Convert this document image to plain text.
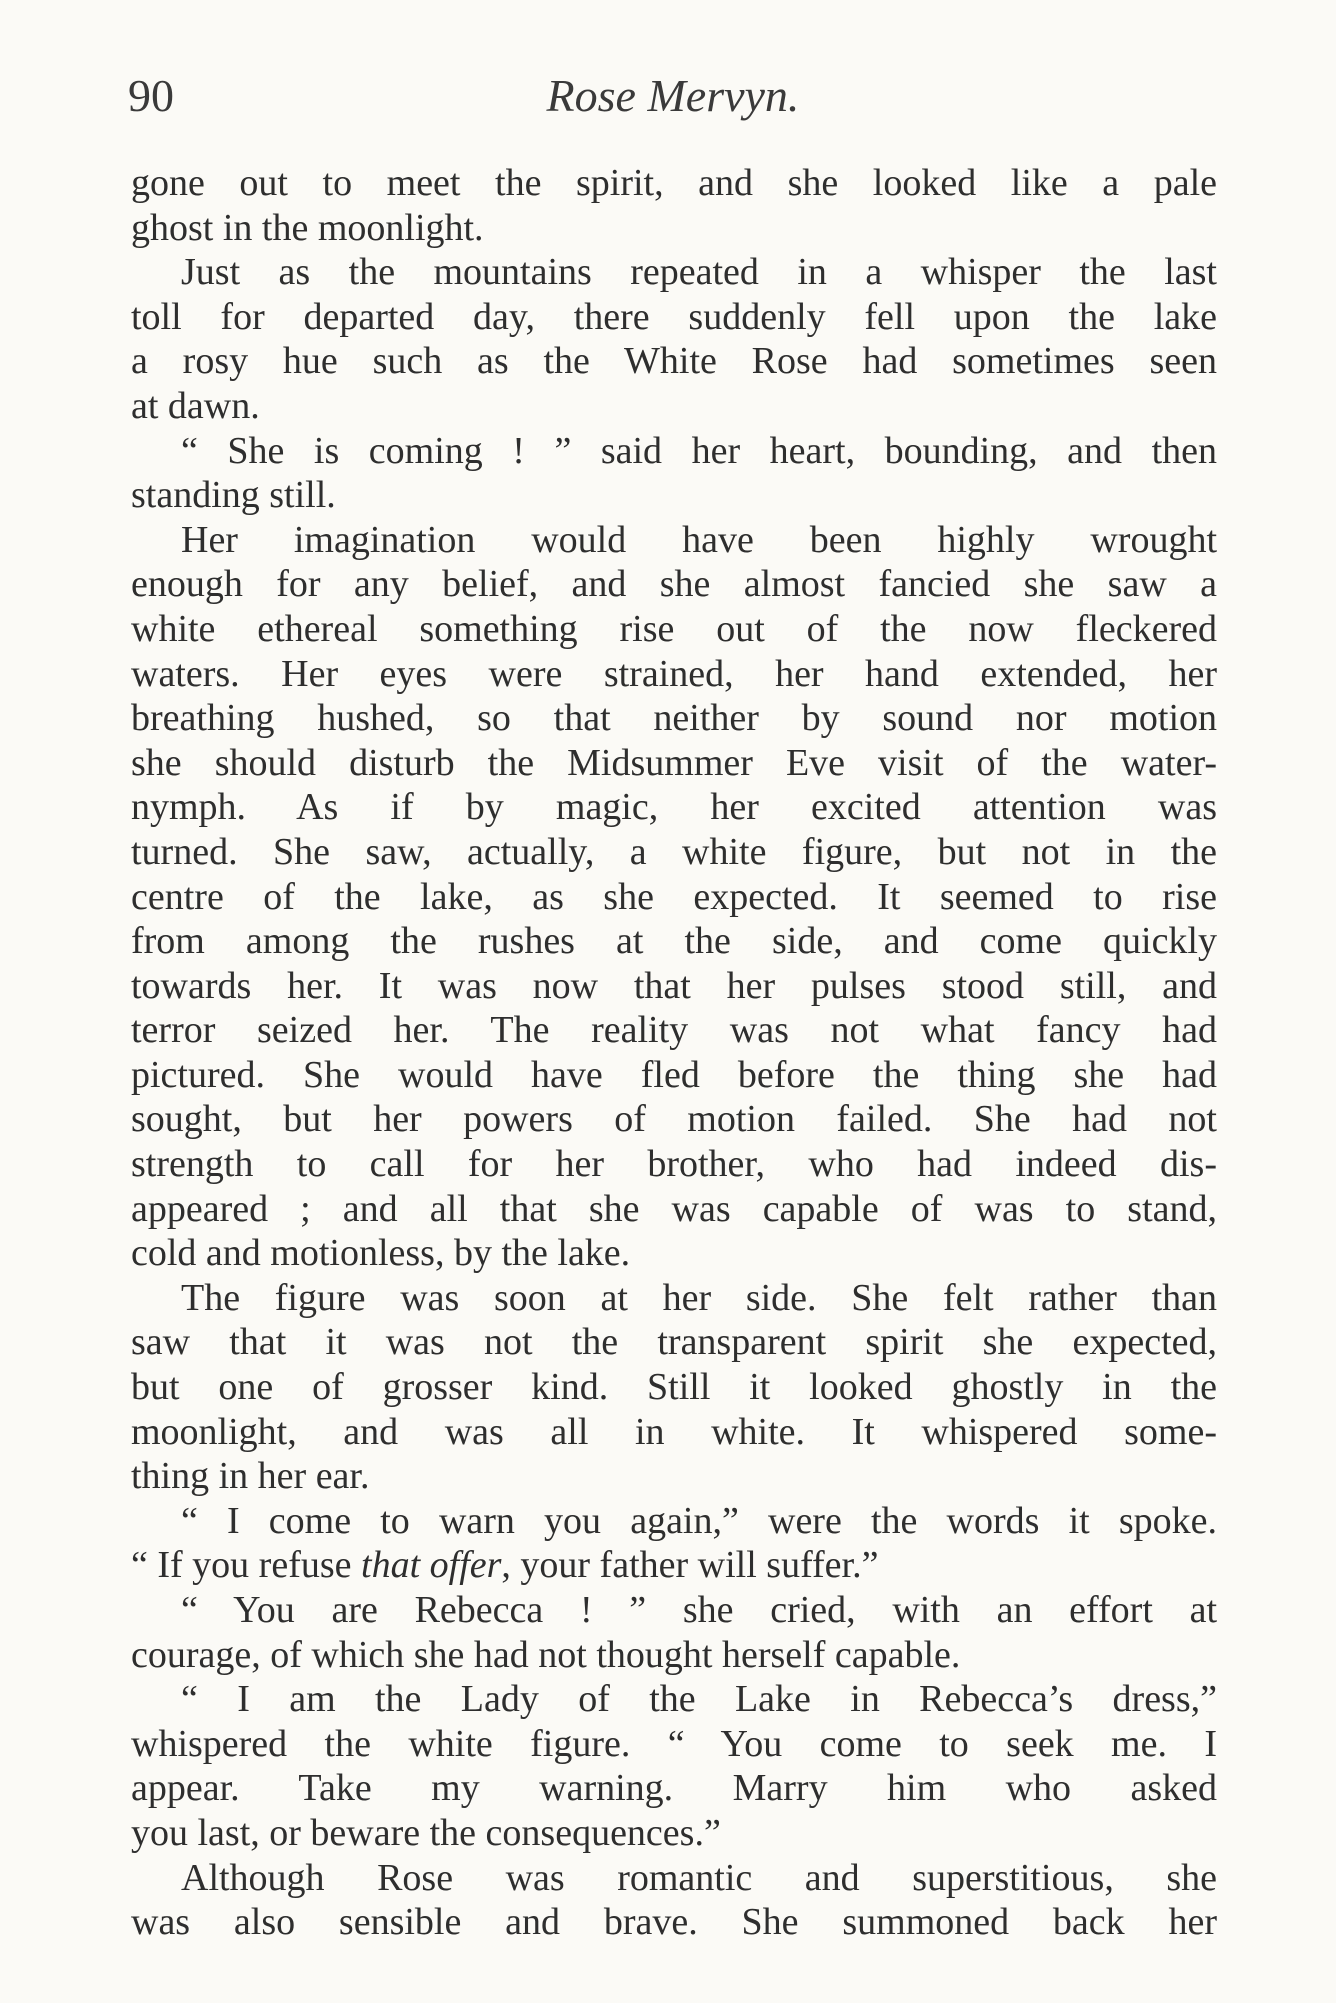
90	Rose Mervyn.
gone out to meet the spirit, and she looked like a pale
ghost in the moonlight.
Just as the mountains repeated in a whisper the last
toll for departed day, there suddenly fell upon the lake
a rosy hue such as the White Rose had sometimes seen
at dawn.
“ She is coming ! ” said her heart, bounding, and then
standing still.
Her imagination would have been highly wrought
enough for any belief, and she almost fancied she saw a
white ethereal something rise out of the now fleckered
waters. Her eyes were strained, her hand extended, her
breathing hushed, so that neither by sound nor motion
she should disturb the Midsummer Eve visit of the water-
nymph. As if by magic, her excited attention was
turned. She saw, actually, a white figure, but not in the
centre of the lake, as she expected. It seemed to rise
from among the rushes at the side, and come quickly
towards her. It was now that her pulses stood still, and
terror seized her. The reality was not what fancy had
pictured. She would have fled before the thing she had
sought, but her powers of motion failed. She had not
strength to call for her brother, who had indeed dis-
appeared ; and all that she was capable of was to stand,
cold and motionless, by the lake.
The figure was soon at her side. She felt rather than
saw that it was not the transparent spirit she expected,
but one of grosser kind. Still it looked ghostly in the
moonlight, and was all in white. It whispered some-
thing in her ear.
“ I come to warn you again,” were the words it spoke.
“ If you refuse that offer, your father will suffer.”
“ You are Rebecca ! ” she cried, with an effort at
courage, of which she had not thought herself capable.
“ I am the Lady of the Lake in Rebecca’s dress,”
whispered the white figure. “ You come to seek me. I
appear. Take my warning. Marry him who asked
you last, or beware the consequences.”
Although Rose was romantic and superstitious, she
was also sensible and brave. She summoned back her
